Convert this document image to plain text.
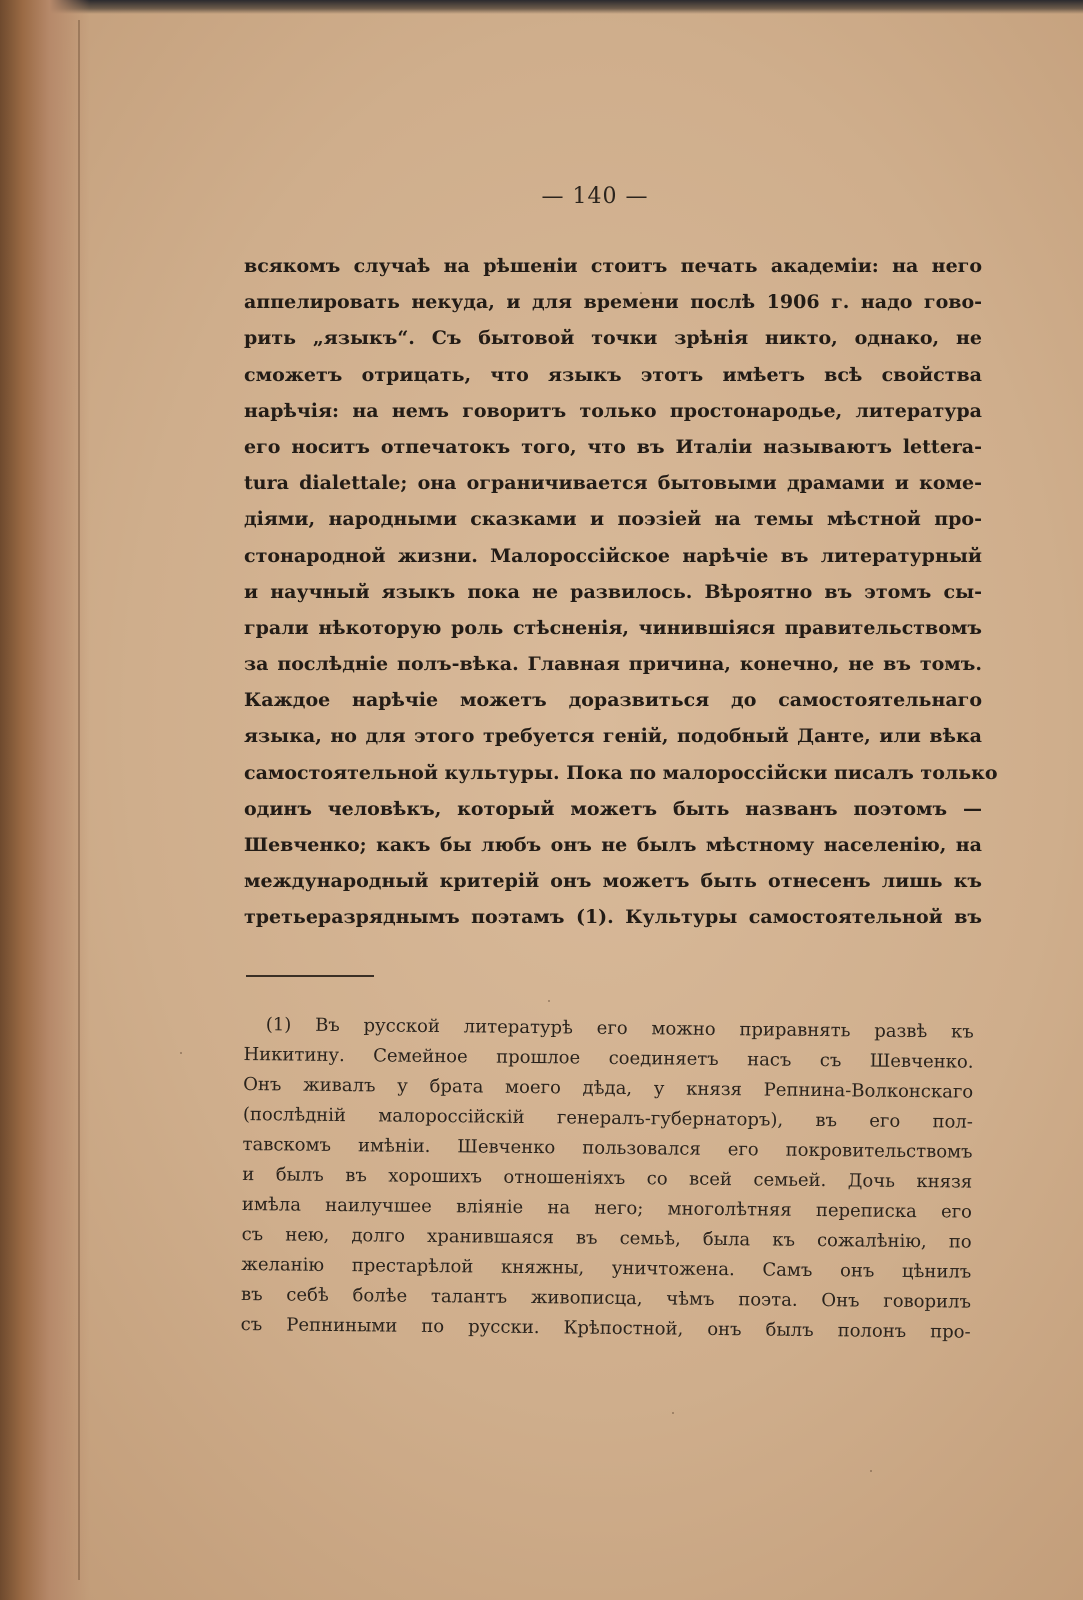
— 140 —
всякомъ случаѣ на рѣшеніи стоитъ печать академіи: на него
аппелировать некуда, и для времени послѣ 1906 г. надо гово-
рить „языкъ“. Съ бытовой точки зрѣнія никто, однако, не
сможетъ отрицать, что языкъ этотъ имѣетъ всѣ свойства
нарѣчія: на немъ говоритъ только простонародье, литература
его носитъ отпечатокъ того, что въ Италіи называютъ lettera-
tura dialettale; она ограничивается бытовыми драмами и коме-
діями, народными сказками и поэзіей на темы мѣстной про-
стонародной жизни. Малороссійское нарѣчіе въ литературный
и научный языкъ пока не развилось. Вѣроятно въ этомъ сы-
грали нѣкоторую роль стѣсненія, чинившіяся правительствомъ
за послѣдніе полъ-вѣка. Главная причина, конечно, не въ томъ.
Каждое нарѣчіе можетъ доразвиться до самостоятельнаго
языка, но для этого требуется геній, подобный Данте, или вѣка
самостоятельной культуры. Пока по малороссійски писалъ только
одинъ человѣкъ, который можетъ быть названъ поэтомъ —
Шевченко; какъ бы любъ онъ не былъ мѣстному населенію, на
международный критерій онъ можетъ быть отнесенъ лишь къ
третьеразряднымъ поэтамъ (1). Культуры самостоятельной въ
(1) Въ русской литературѣ его можно приравнять развѣ къ
Никитину. Семейное прошлое соединяетъ насъ съ Шевченко.
Онъ живалъ у брата моего дѣда, у князя Репнина-Волконскаго
(послѣдній малороссійскій генералъ-губернаторъ), въ его пол-
тавскомъ имѣніи. Шевченко пользовался его покровительствомъ
и былъ въ хорошихъ отношеніяхъ со всей семьей. Дочь князя
имѣла наилучшее вліяніе на него; многолѣтняя переписка его
съ нею, долго хранившаяся въ семьѣ, была къ сожалѣнію, по
желанію престарѣлой княжны, уничтожена. Самъ онъ цѣнилъ
въ себѣ болѣе талантъ живописца, чѣмъ поэта. Онъ говорилъ
съ Репниными по русски. Крѣпостной, онъ былъ полонъ про-
